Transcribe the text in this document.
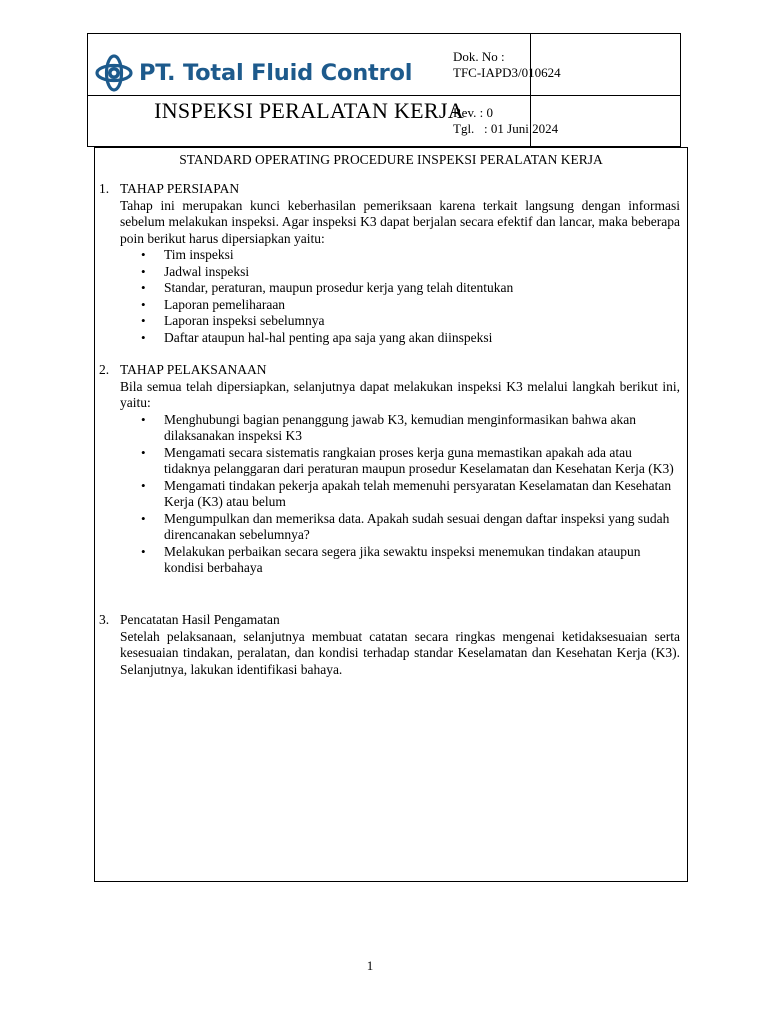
PT. Total Fluid Control
INSPEKSI PERALATAN KERJA
Dok. No :
TFC-IAPD3/010624
Rev. : 0
Tgl.   : 01 Juni 2024
STANDARD OPERATING PROCEDURE INSPEKSI PERALATAN KERJA
1. TAHAP PERSIAPAN

Tahap ini merupakan kunci keberhasilan pemeriksaan karena terkait langsung dengan informasi sebelum melakukan inspeksi. Agar inspeksi K3 dapat berjalan secara efektif dan lancar, maka beberapa poin berikut harus dipersiapkan yaitu:

•	Tim inspeksi
•	Jadwal inspeksi
•	Standar, peraturan, maupun prosedur kerja yang telah ditentukan
•	Laporan pemeliharaan
•	Laporan inspeksi sebelumnya
•	Daftar ataupun hal-hal penting apa saja yang akan diinspeksi
2. TAHAP PELAKSANAAN

Bila semua telah dipersiapkan, selanjutnya dapat melakukan inspeksi K3 melalui langkah berikut ini, yaitu:

•	Menghubungi bagian penanggung jawab K3, kemudian menginformasikan bahwa akan dilaksanakan inspeksi K3
•	Mengamati secara sistematis rangkaian proses kerja guna memastikan apakah ada atau tidaknya pelanggaran dari peraturan maupun prosedur Keselamatan dan Kesehatan Kerja (K3)
•	Mengamati tindakan pekerja apakah telah memenuhi persyaratan Keselamatan dan Kesehatan Kerja (K3) atau belum
•	Mengumpulkan dan memeriksa data. Apakah sudah sesuai dengan daftar inspeksi yang sudah direncanakan sebelumnya?
•	Melakukan perbaikan secara segera jika sewaktu inspeksi menemukan tindakan ataupun kondisi berbahaya
3. Pencatatan Hasil Pengamatan

Setelah pelaksanaan, selanjutnya membuat catatan secara ringkas mengenai ketidaksesuaian serta kesesuaian tindakan, peralatan, dan kondisi terhadap standar Keselamatan dan Kesehatan Kerja (K3). Selanjutnya, lakukan identifikasi bahaya.

1
